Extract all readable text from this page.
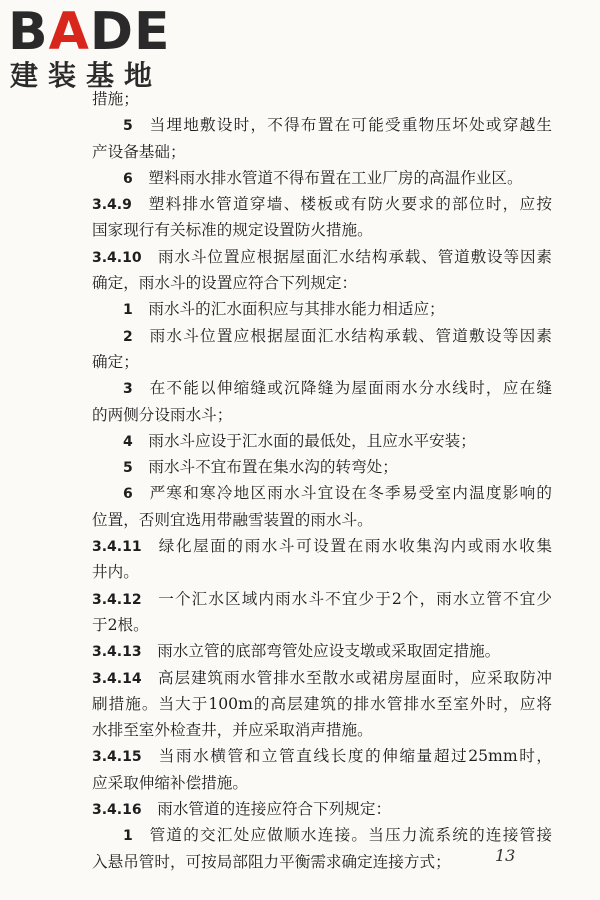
BADE
建装基地
措施；
5  当埋地敷设时，不得布置在可能受重物压坏处或穿越生
产设备基础；
6  塑料雨水排水管道不得布置在工业厂房的高温作业区。
3.4.9  塑料排水管道穿墙、楼板或有防火要求的部位时，应按
国家现行有关标准的规定设置防火措施。
3.4.10  雨水斗位置应根据屋面汇水结构承载、管道敷设等因素
确定，雨水斗的设置应符合下列规定：
1  雨水斗的汇水面积应与其排水能力相适应；
2  雨水斗位置应根据屋面汇水结构承载、管道敷设等因素
确定；
3  在不能以伸缩缝或沉降缝为屋面雨水分水线时，应在缝
的两侧分设雨水斗；
4  雨水斗应设于汇水面的最低处，且应水平安装；
5  雨水斗不宜布置在集水沟的转弯处；
6  严寒和寒冷地区雨水斗宜设在冬季易受室内温度影响的
位置，否则宜选用带融雪装置的雨水斗。
3.4.11  绿化屋面的雨水斗可设置在雨水收集沟内或雨水收集
井内。
3.4.12  一个汇水区域内雨水斗不宜少于2个，雨水立管不宜少
于2根。
3.4.13  雨水立管的底部弯管处应设支墩或采取固定措施。
3.4.14  高层建筑雨水管排水至散水或裙房屋面时，应采取防冲
刷措施。当大于100m的高层建筑的排水管排水至室外时，应将
水排至室外检查井，并应采取消声措施。
3.4.15  当雨水横管和立管直线长度的伸缩量超过25mm时，
应采取伸缩补偿措施。
3.4.16  雨水管道的连接应符合下列规定：
1  管道的交汇处应做顺水连接。当压力流系统的连接管接
入悬吊管时，可按局部阻力平衡需求确定连接方式；	13
